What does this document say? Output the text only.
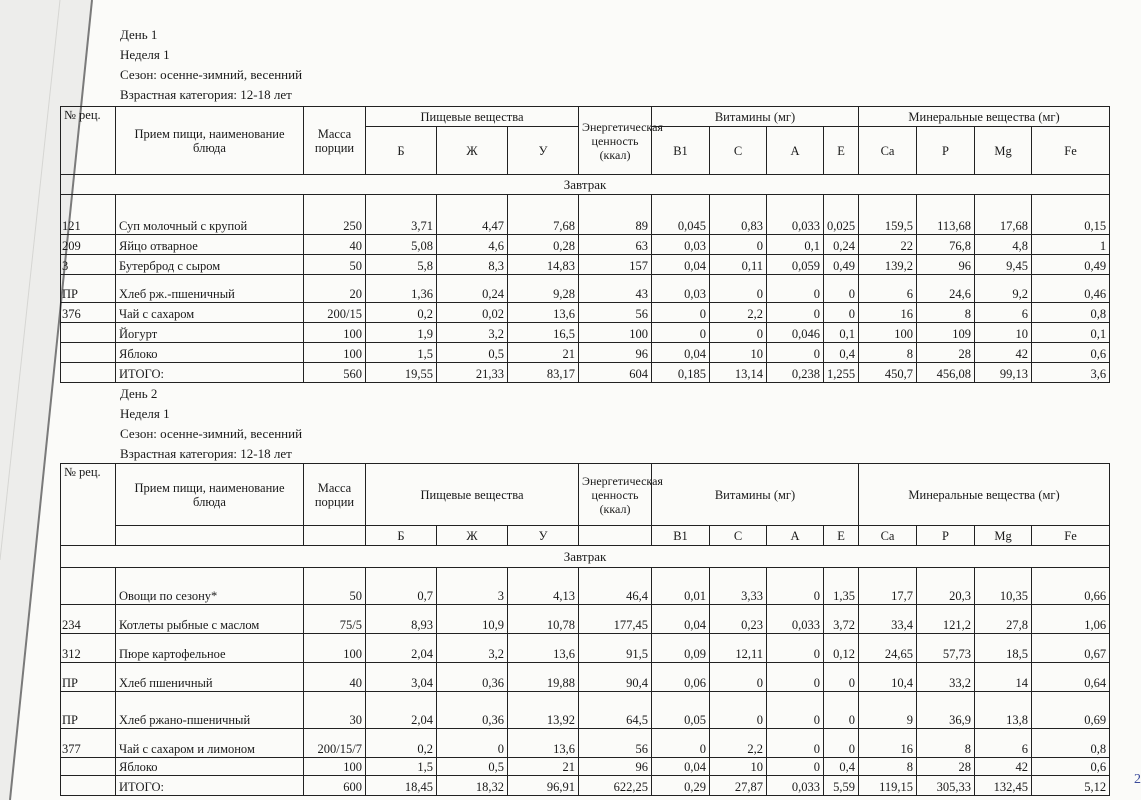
День 1
Неделя 1
Сезон: осенне-зимний, весенний
Взрастная категория: 12-18 лет
№ рец.	Прием пищи, наименование блюда	Масса порции	Пищевые вещества			Энергетическая ценность (ккал)	Витамины (мг)				Минеральные вещества (мг)			
			Б	Ж	У		B1	C	A	E	Ca	P	Mg	Fe
Завтрак														
121	Суп молочный с крупой	250	3,71	4,47	7,68	89	0,045	0,83	0,033	0,025	159,5	113,68	17,68	0,15
209	Яйцо отварное	40	5,08	4,6	0,28	63	0,03	0	0,1	0,24	22	76,8	4,8	1
3	Бутерброд с сыром	50	5,8	8,3	14,83	157	0,04	0,11	0,059	0,49	139,2	96	9,45	0,49
ПР	Хлеб рж.-пшеничный	20	1,36	0,24	9,28	43	0,03	0	0	0	6	24,6	9,2	0,46
376	Чай с сахаром	200/15	0,2	0,02	13,6	56	0	2,2	0	0	16	8	6	0,8
	Йогурт	100	1,9	3,2	16,5	100	0	0	0,046	0,1	100	109	10	0,1
	Яблоко	100	1,5	0,5	21	96	0,04	10	0	0,4	8	28	42	0,6
	ИТОГО:	560	19,55	21,33	83,17	604	0,185	13,14	0,238	1,255	450,7	456,08	99,13	3,6
День 2
Неделя 1
Сезон: осенне-зимний, весенний
Взрастная категория: 12-18 лет
№ рец.	Прием пищи, наименование блюда	Масса порции	Пищевые вещества			Энергетическая ценность (ккал)	Витамины (мг)				Минеральные вещества (мг)			
			Б	Ж	У		B1	C	A	E	Ca	P	Mg	Fe
Завтрак														
	Овощи по сезону*	50	0,7	3	4,13	46,4	0,01	3,33	0	1,35	17,7	20,3	10,35	0,66
234	Котлеты рыбные с маслом	75/5	8,93	10,9	10,78	177,45	0,04	0,23	0,033	3,72	33,4	121,2	27,8	1,06
312	Пюре картофельное	100	2,04	3,2	13,6	91,5	0,09	12,11	0	0,12	24,65	57,73	18,5	0,67
ПР	Хлеб пшеничный	40	3,04	0,36	19,88	90,4	0,06	0	0	0	10,4	33,2	14	0,64
ПР	Хлеб ржано-пшеничный	30	2,04	0,36	13,92	64,5	0,05	0	0	0	9	36,9	13,8	0,69
377	Чай с сахаром и лимоном	200/15/7	0,2	0	13,6	56	0	2,2	0	0	16	8	6	0,8
	Яблоко	100	1,5	0,5	21	96	0,04	10	0	0,4	8	28	42	0,6
	ИТОГО:	600	18,45	18,32	96,91	622,25	0,29	27,87	0,033	5,59	119,15	305,33	132,45	5,12 2
